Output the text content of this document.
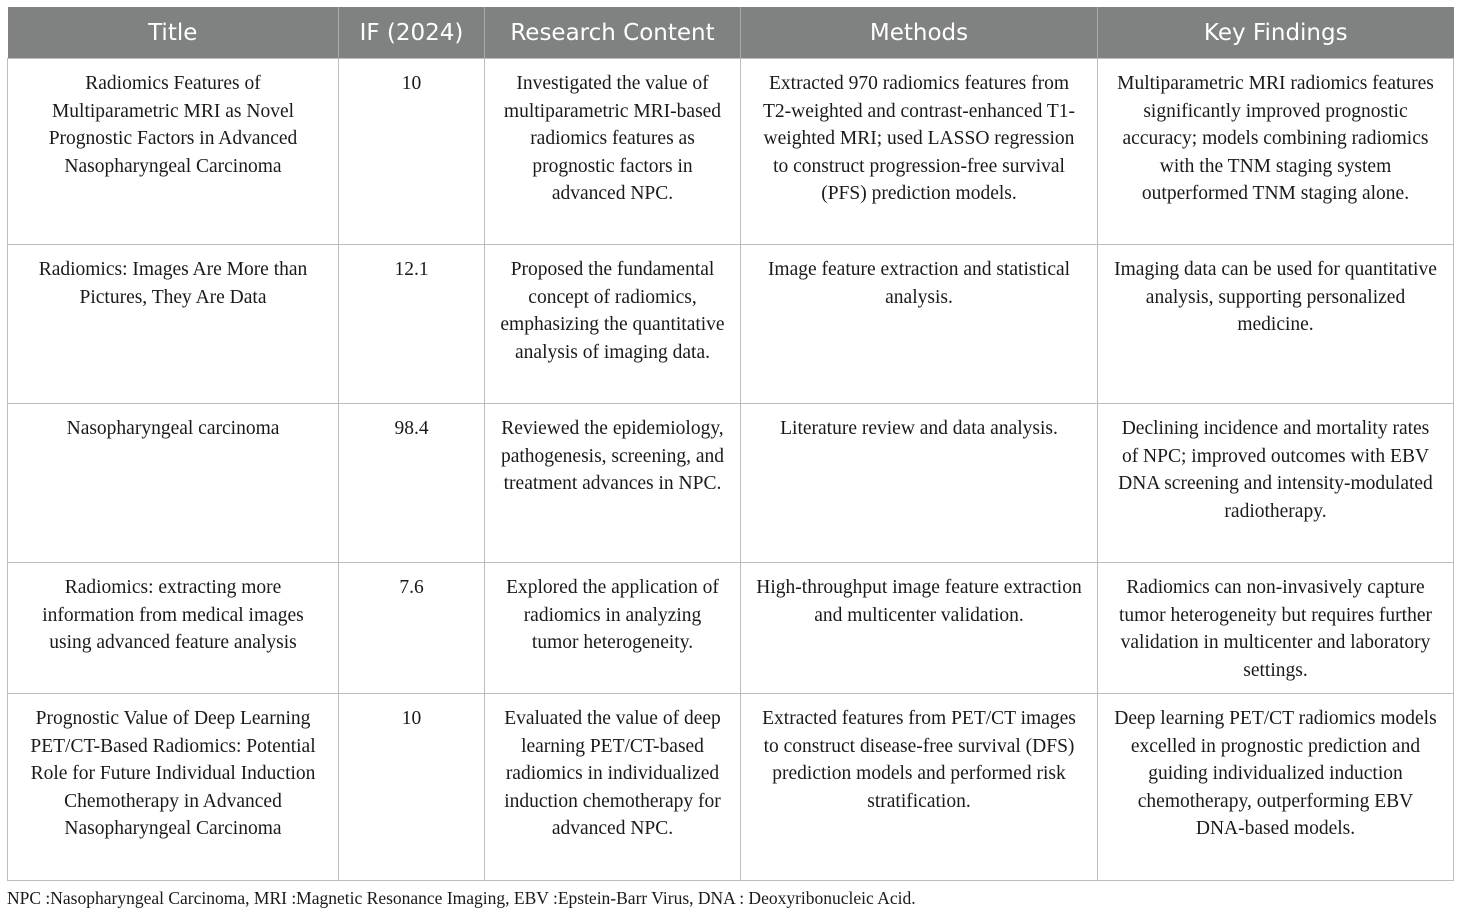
Title	IF (2024)	Research Content	Methods	Key Findings
Radiomics Features of Multiparametric MRI as Novel Prognostic Factors in Advanced Nasopharyngeal Carcinoma	10	Investigated the value of multiparametric MRI-based radiomics features as prognostic factors in advanced NPC.	Extracted 970 radiomics features from T2-weighted and contrast-enhanced T1-weighted MRI; used LASSO regression to construct progression-free survival (PFS) prediction models.	Multiparametric MRI radiomics features significantly improved prognostic accuracy; models combining radiomics with the TNM staging system outperformed TNM staging alone.
Radiomics: Images Are More than Pictures, They Are Data	12.1	Proposed the fundamental concept of radiomics, emphasizing the quantitative analysis of imaging data.	Image feature extraction and statistical analysis.	Imaging data can be used for quantitative analysis, supporting personalized medicine.
Nasopharyngeal carcinoma	98.4	Reviewed the epidemiology, pathogenesis, screening, and treatment advances in NPC.	Literature review and data analysis.	Declining incidence and mortality rates of NPC; improved outcomes with EBV DNA screening and intensity-modulated radiotherapy.
Radiomics: extracting more information from medical images using advanced feature analysis	7.6	Explored the application of radiomics in analyzing tumor heterogeneity.	High-throughput image feature extraction and multicenter validation.	Radiomics can non-invasively capture tumor heterogeneity but requires further validation in multicenter and laboratory settings.
Prognostic Value of Deep Learning PET/CT-Based Radiomics: Potential Role for Future Individual Induction Chemotherapy in Advanced Nasopharyngeal Carcinoma	10	Evaluated the value of deep learning PET/CT-based radiomics in individualized induction chemotherapy for advanced NPC.	Extracted features from PET/CT images to construct disease-free survival (DFS) prediction models and performed risk stratification.	Deep learning PET/CT radiomics models excelled in prognostic prediction and guiding individualized induction chemotherapy, outperforming EBV DNA-based models.
NPC :Nasopharyngeal Carcinoma, MRI :Magnetic Resonance Imaging, EBV :Epstein-Barr Virus, DNA : Deoxyribonucleic Acid.
